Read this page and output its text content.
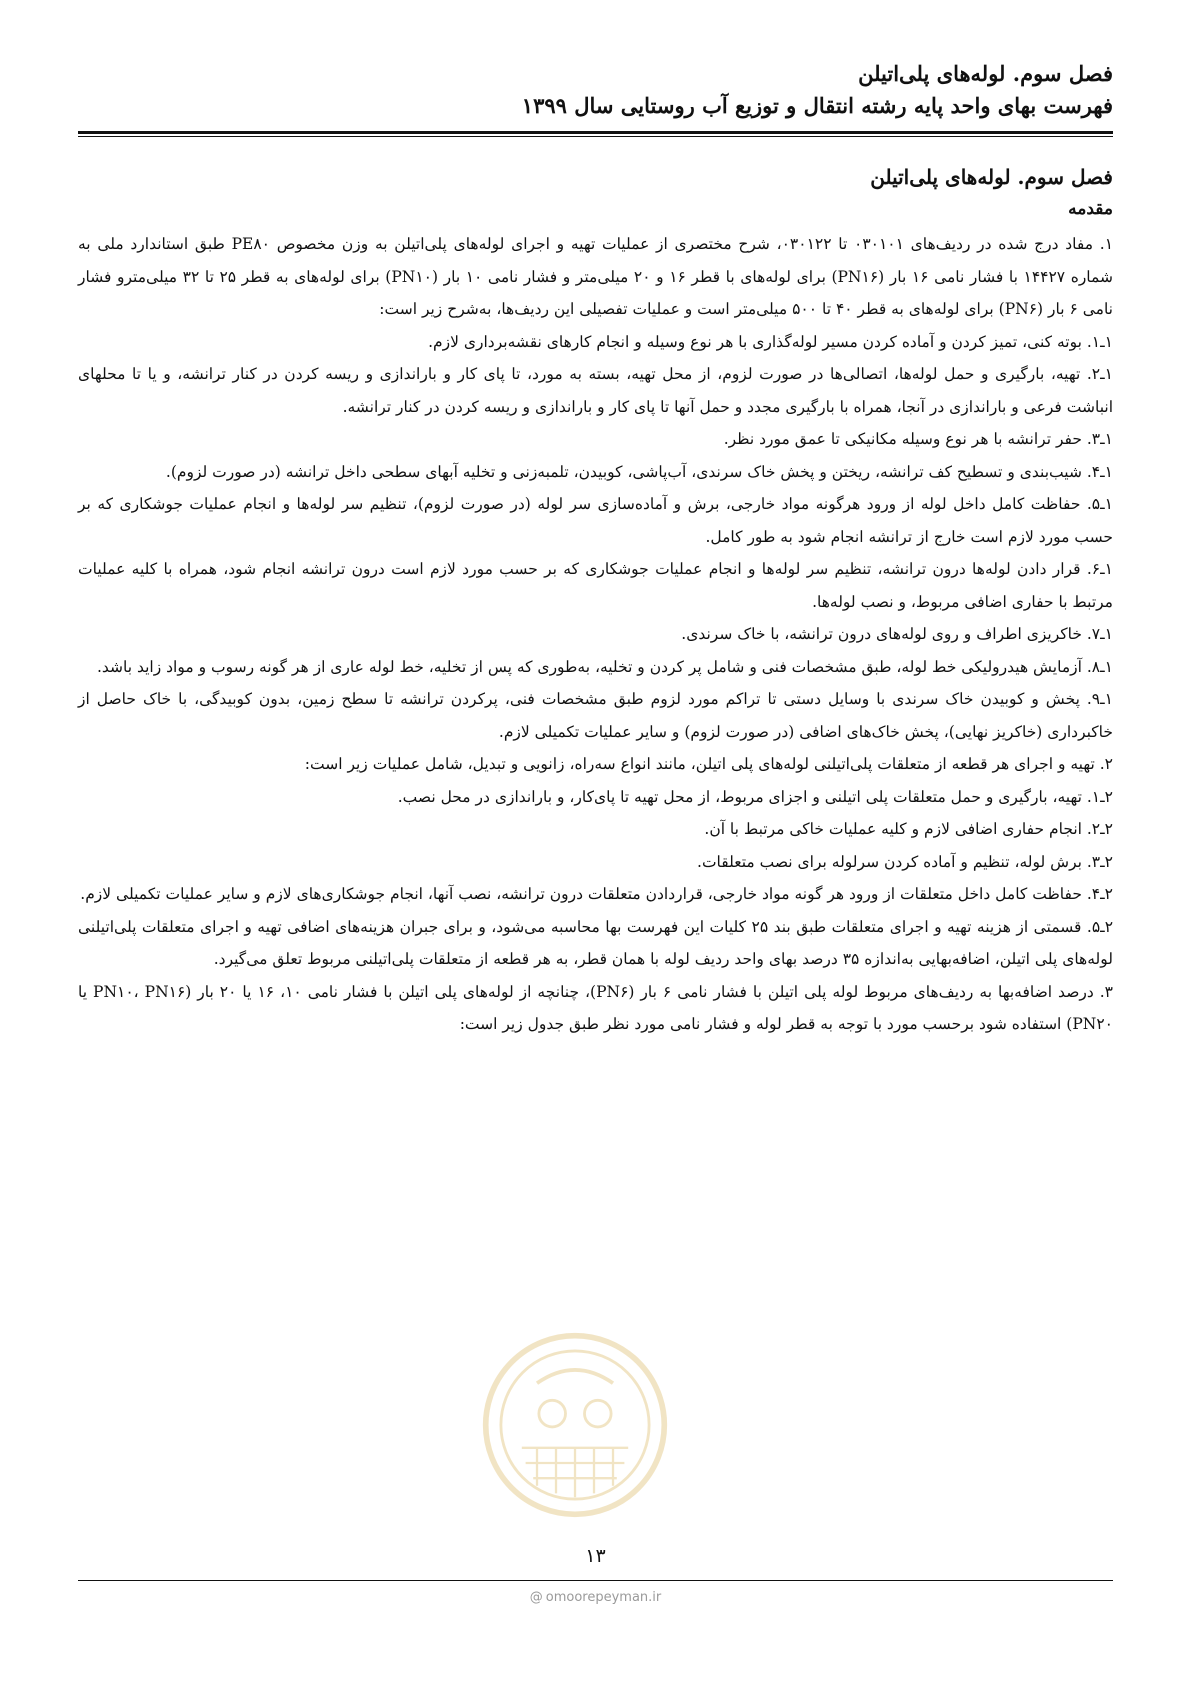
فصل سوم. لوله‌های پلی‌اتیلن
فهرست بهای واحد پایه رشته انتقال و توزیع آب روستایی سال ۱۳۹۹
فصل سوم. لوله‌های پلی‌اتیلن
مقدمه

۱. مفاد درج شده در ردیف‌های ۰۳۰۱۰۱ تا ۰۳۰۱۲۲، شرح مختصری از عملیات تهیه و اجرای لوله‌های پلی‌اتیلن به وزن مخصوص PE۸۰ طبق استاندارد ملی به شماره ۱۴۴۲۷ با فشار نامی ۱۶ بار (PN۱۶) برای لوله‌های با قطر ۱۶ و ۲۰ میلی‌متر و فشار نامی ۱۰ بار (PN۱۰) برای لوله‌های به قطر ۲۵ تا ۳۲ میلی‌مترو فشار نامی ۶ بار (PN۶) برای لوله‌های به قطر ۴۰ تا ۵۰۰ میلی‌متر است و عملیات تفصیلی این ردیف‌ها، به‌شرح زیر است:

۱ـ۱. بوته کنی، تمیز کردن و آماده کردن مسیر لوله‌گذاری با هر نوع وسیله و انجام کارهای نقشه‌برداری لازم.

۱ـ۲. تهیه، بارگیری و حمل لوله‌ها، اتصالی‌ها در صورت لزوم، از محل تهیه، بسته به مورد، تا پای کار و باراندازی و ریسه کردن در کنار ترانشه، و یا تا محلهای انباشت فرعی و باراندازی در آنجا، همراه با بارگیری مجدد و حمل آنها تا پای کار و باراندازی و ریسه کردن در کنار ترانشه.

۱ـ۳. حفر ترانشه با هر نوع وسیله مکانیکی تا عمق مورد نظر.

۱ـ۴. شیب‌بندی و تسطیح کف ترانشه، ریختن و پخش خاک سرندی، آب‌پاشی، کوبیدن، تلمبه‌زنی و تخلیه آبهای سطحی داخل ترانشه (در صورت لزوم).

۱ـ۵. حفاظت کامل داخل لوله از ورود هرگونه مواد خارجی، برش و آماده‌سازی سر لوله (در صورت لزوم)، تنظیم سر لوله‌ها و انجام عملیات جوشکاری که بر حسب مورد لازم است خارج از ترانشه انجام شود به طور کامل.

۱ـ۶. قرار دادن لوله‌ها درون ترانشه، تنظیم سر لوله‌ها و انجام عملیات جوشکاری که بر حسب مورد لازم است درون ترانشه انجام شود، همراه با کلیه عملیات مرتبط با حفاری اضافی مربوط، و نصب لوله‌ها.

۱ـ۷. خاکریزی اطراف و روی لوله‌های درون ترانشه، با خاک سرندی.

۱ـ۸. آزمایش هیدرولیکی خط لوله، طبق مشخصات فنی و شامل پر کردن و تخلیه، به‌طوری که پس از تخلیه، خط لوله عاری از هر گونه رسوب و مواد زاید باشد.

۱ـ۹. پخش و کوبیدن خاک سرندی با وسایل دستی تا تراکم مورد لزوم طبق مشخصات فنی، پرکردن ترانشه تا سطح زمین، بدون کوبیدگی، با خاک حاصل از خاکبرداری (خاکریز نهایی)، پخش خاک‌های اضافی (در صورت لزوم) و سایر عملیات تکمیلی لازم.

۲. تهیه و اجرای هر قطعه از متعلقات پلی‌اتیلنی لوله‌های پلی اتیلن، مانند انواع سه‌راه، زانویی و تبدیل، شامل عملیات زیر است:

۲ـ۱. تهیه، بارگیری و حمل متعلقات پلی اتیلنی و اجزای مربوط، از محل تهیه تا پای‌کار، و باراندازی در محل نصب.

۲ـ۲. انجام حفاری اضافی لازم و کلیه عملیات خاکی مرتبط با آن.

۲ـ۳. برش لوله، تنظیم و آماده کردن سرلوله برای نصب متعلقات.

۲ـ۴. حفاظت کامل داخل متعلقات از ورود هر گونه مواد خارجی، قراردادن متعلقات درون ترانشه، نصب آنها، انجام جوشکاری‌های لازم و سایر عملیات تکمیلی لازم.

۲ـ۵. قسمتی از هزینه تهیه و اجرای متعلقات طبق بند ۲۵ کلیات این فهرست بها محاسبه می‌شود، و برای جبران هزینه‌های اضافی تهیه و اجرای متعلقات پلی‌اتیلنی لوله‌های پلی اتیلن، اضافه‌بهایی به‌اندازه ۳۵ درصد بهای واحد ردیف لوله با همان قطر، به هر قطعه از متعلقات پلی‌اتیلنی مربوط تعلق می‌گیرد.

۳. درصد اضافه‌بها به ردیف‌های مربوط لوله پلی اتیلن با فشار نامی ۶ بار (PN۶)، چنانچه از لوله‌های پلی اتیلن با فشار نامی ۱۰، ۱۶ یا ۲۰ بار (PN۱۰، PN۱۶ یا PN۲۰) استفاده شود برحسب مورد با توجه به قطر لوله و فشار نامی مورد نظر طبق جدول زیر است:

۱۳
@ omoorepeyman.ir
